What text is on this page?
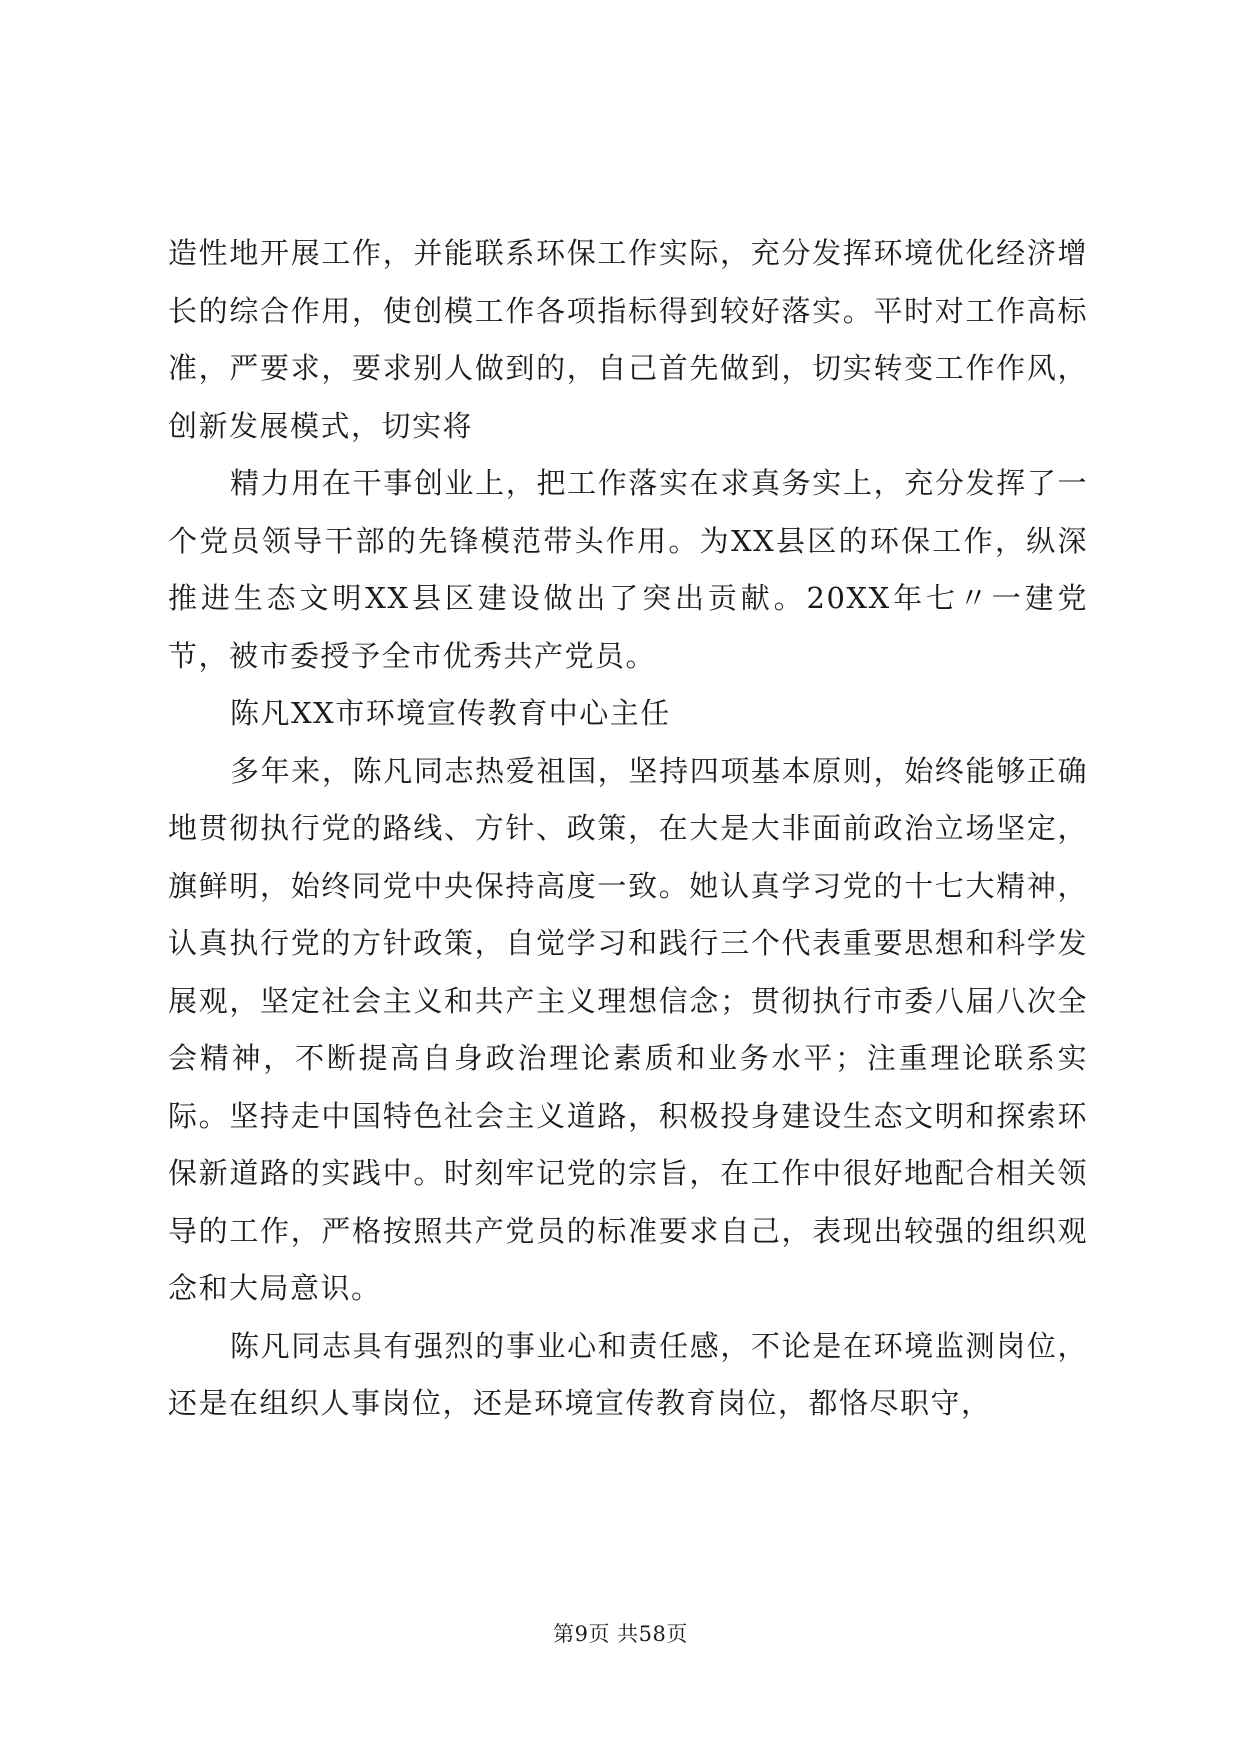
造性地开展工作，并能联系环保工作实际，充分发挥环境优化经济增长的综合作用，使创模工作各项指标得到较好落实。平时对工作高标准，严要求，要求别人做到的，自己首先做到，切实转变工作作风，创新发展模式，切实将

精力用在干事创业上，把工作落实在求真务实上，充分发挥了一个党员领导干部的先锋模范带头作用。为XX县区的环保工作，纵深推进生态文明XX县区建设做出了突出贡献。20XX年七〃一建党节，被市委授予全市优秀共产党员。

陈凡XX市环境宣传教育中心主任

多年来，陈凡同志热爱祖国，坚持四项基本原则，始终能够正确地贯彻执行党的路线、方针、政策，在大是大非面前政治立场坚定，旗鲜明，始终同党中央保持高度一致。她认真学习党的十七大精神，认真执行党的方针政策，自觉学习和践行三个代表重要思想和科学发展观，坚定社会主义和共产主义理想信念；贯彻执行市委八届八次全会精神，不断提高自身政治理论素质和业务水平；注重理论联系实际。坚持走中国特色社会主义道路，积极投身建设生态文明和探索环保新道路的实践中。时刻牢记党的宗旨，在工作中很好地配合相关领导的工作，严格按照共产党员的标准要求自己，表现出较强的组织观念和大局意识。

陈凡同志具有强烈的事业心和责任感，不论是在环境监测岗位，还是在组织人事岗位，还是环境宣传教育岗位，都恪尽职守，

第9页 共58页
